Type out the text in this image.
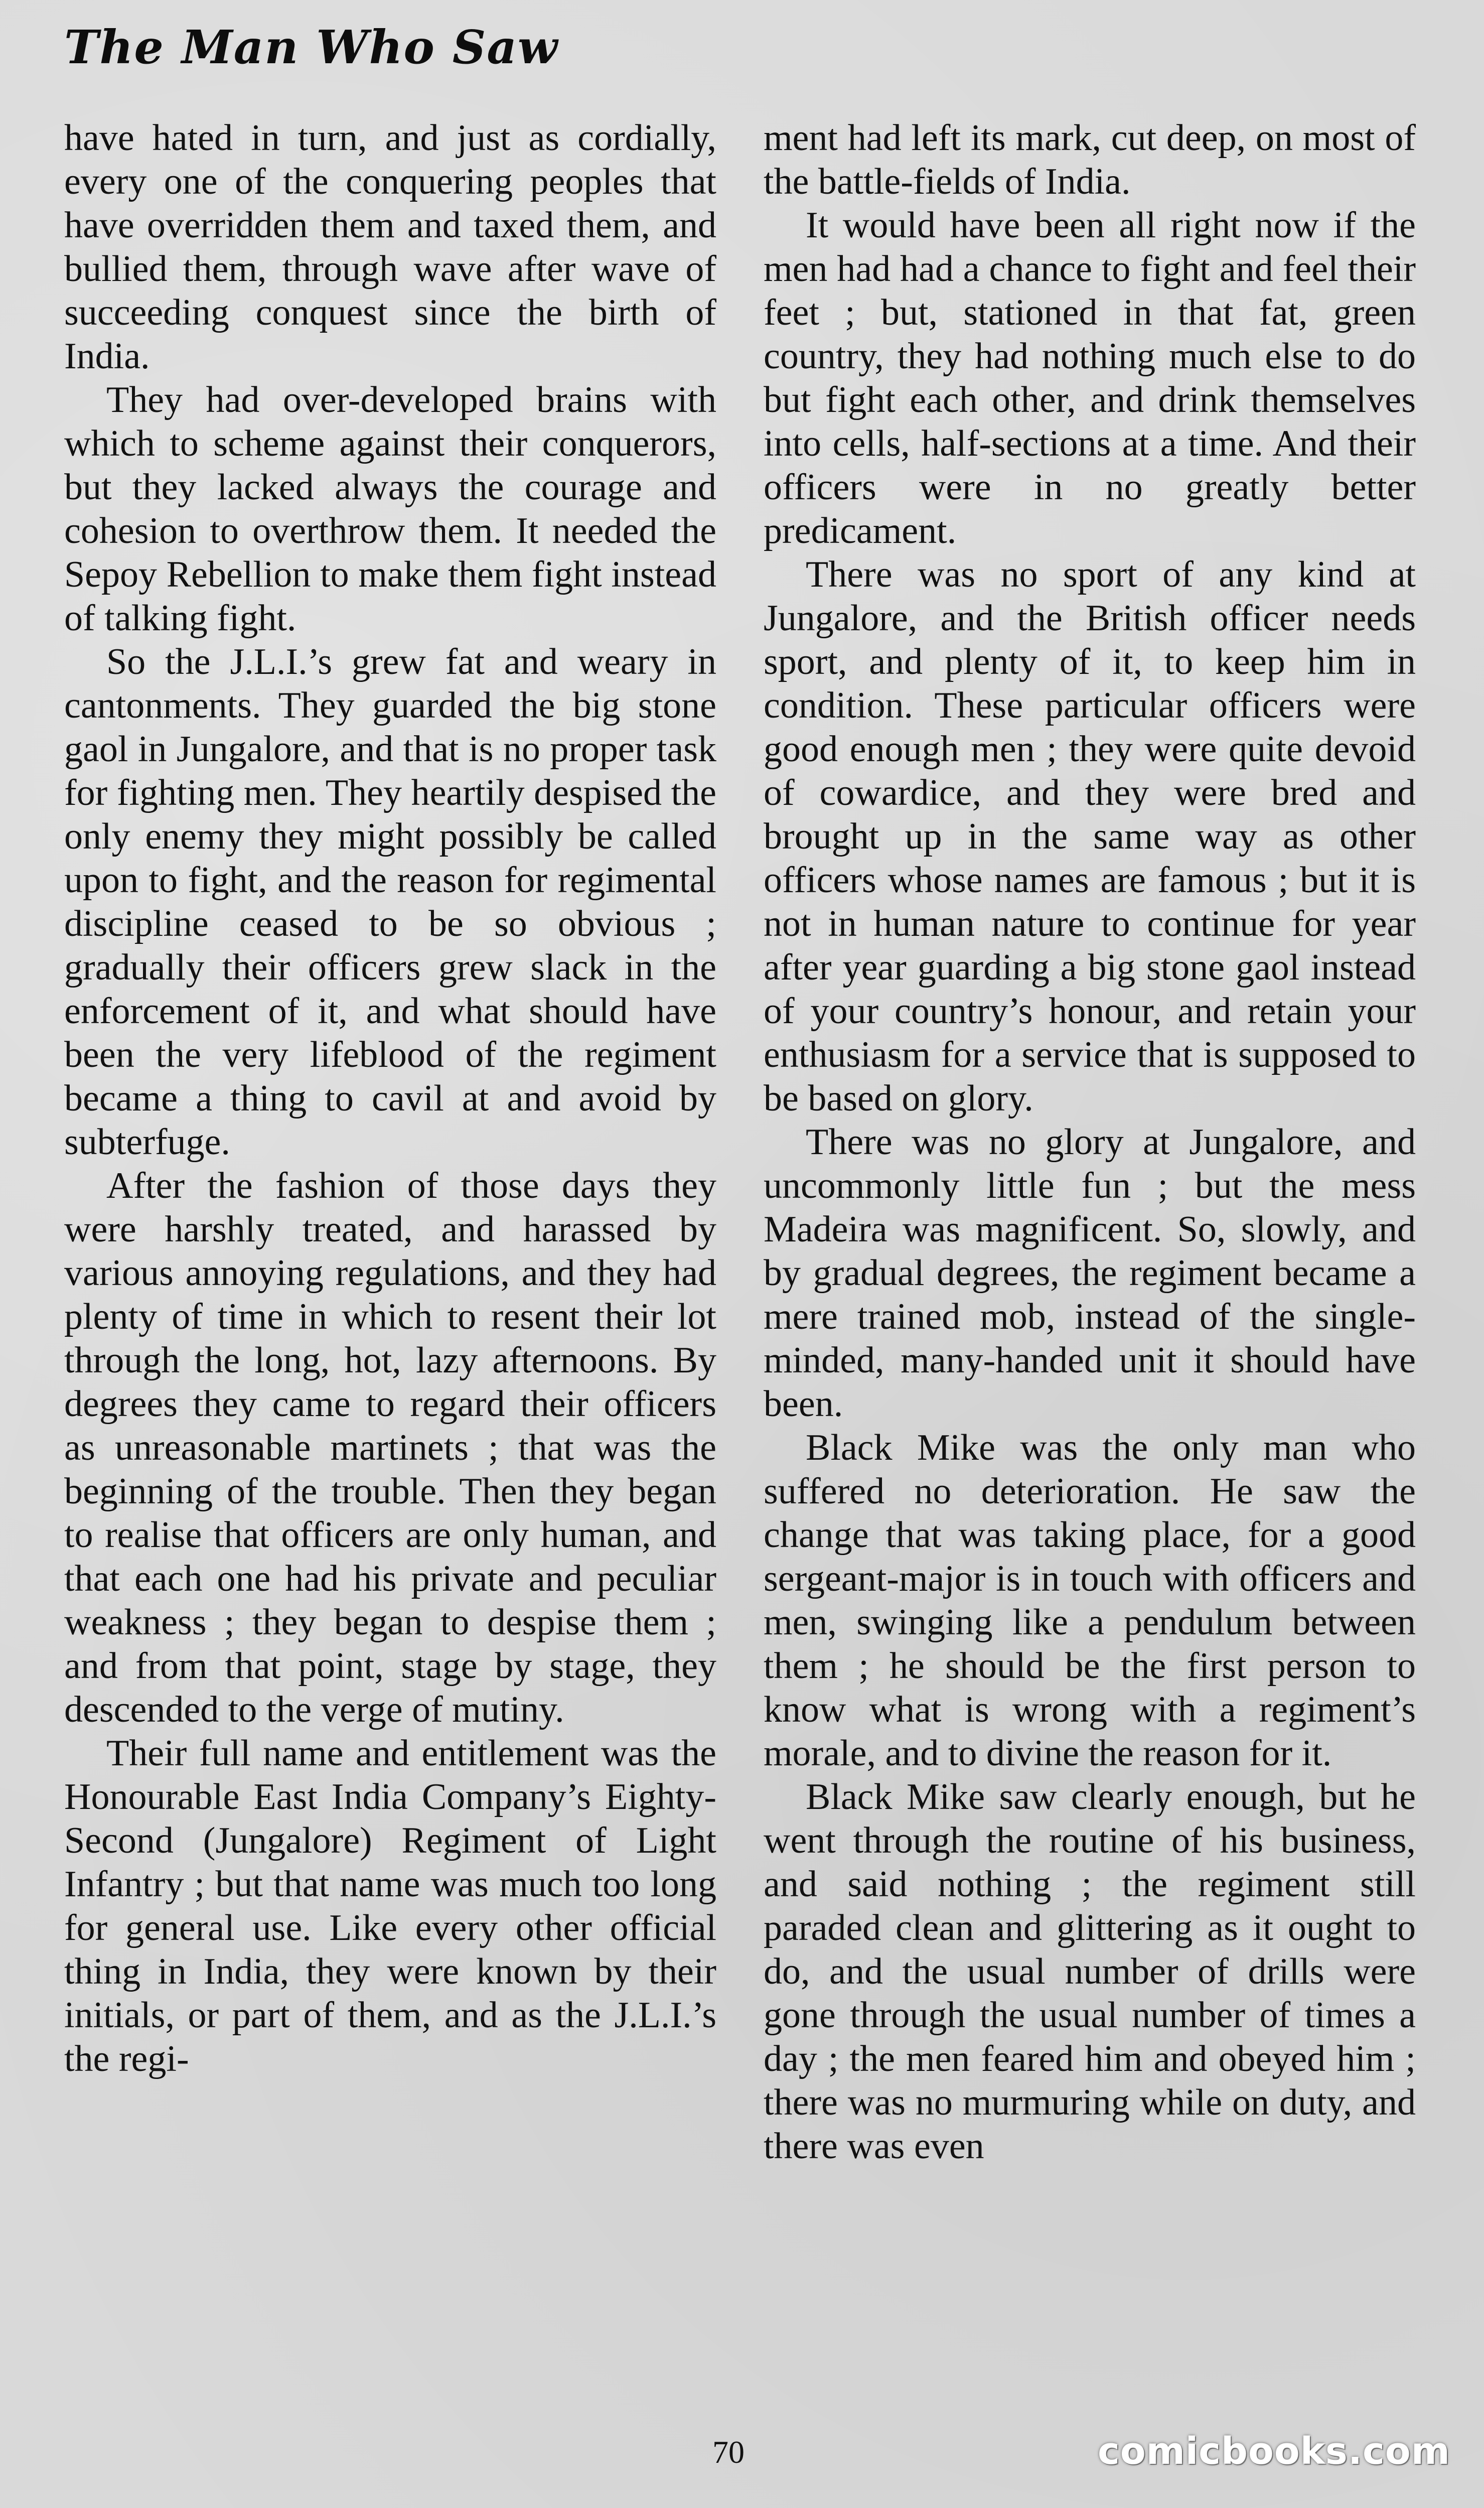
The Man Who Saw

have hated in turn, and just as cordially, every one of the conquering peoples that have overridden them and taxed them, and bullied them, through wave after wave of succeeding conquest since the birth of India.

They had over-developed brains with which to scheme against their conquerors, but they lacked always the courage and cohesion to overthrow them. It needed the Sepoy Rebellion to make them fight instead of talking fight.

So the J.L.I.’s grew fat and weary in cantonments. They guarded the big stone gaol in Jungalore, and that is no proper task for fighting men. They heartily despised the only enemy they might possibly be called upon to fight, and the reason for regimental discipline ceased to be so obvious ; gradually their officers grew slack in the enforcement of it, and what should have been the very lifeblood of the regiment became a thing to cavil at and avoid by subterfuge.

After the fashion of those days they were harshly treated, and harassed by various annoying regulations, and they had plenty of time in which to resent their lot through the long, hot, lazy afternoons. By degrees they came to regard their officers as unreasonable martinets ; that was the beginning of the trouble. Then they began to realise that officers are only human, and that each one had his private and peculiar weakness ; they began to despise them ; and from that point, stage by stage, they descended to the verge of mutiny.

Their full name and entitlement was the Honourable East India Company’s Eighty-Second (Jungalore) Regiment of Light Infantry ; but that name was much too long for general use. Like every other official thing in India, they were known by their initials, or part of them, and as the J.L.I.’s the regi-

ment had left its mark, cut deep, on most of the battle-fields of India.

It would have been all right now if the men had had a chance to fight and feel their feet ; but, stationed in that fat, green country, they had nothing much else to do but fight each other, and drink themselves into cells, half-sections at a time. And their officers were in no greatly better predicament.

There was no sport of any kind at Jungalore, and the British officer needs sport, and plenty of it, to keep him in condition. These particular officers were good enough men ; they were quite devoid of cowardice, and they were bred and brought up in the same way as other officers whose names are famous ; but it is not in human nature to continue for year after year guarding a big stone gaol instead of your country’s honour, and retain your enthusiasm for a service that is supposed to be based on glory.

There was no glory at Jungalore, and uncommonly little fun ; but the mess Madeira was magnificent. So, slowly, and by gradual degrees, the regiment became a mere trained mob, instead of the single-minded, many-handed unit it should have been.

Black Mike was the only man who suffered no deterioration. He saw the change that was taking place, for a good sergeant-major is in touch with officers and men, swinging like a pendulum between them ; he should be the first person to know what is wrong with a regiment’s morale, and to divine the reason for it.

Black Mike saw clearly enough, but he went through the routine of his business, and said nothing ; the regiment still paraded clean and glittering as it ought to do, and the usual number of drills were gone through the usual number of times a day ; the men feared him and obeyed him ; there was no murmuring while on duty, and there was even

70	comicbooks.com
